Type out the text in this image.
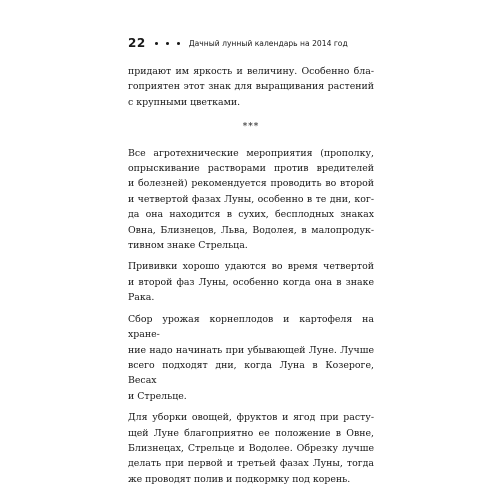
22	Дачный лунный календарь на 2014 год

придают им яркость и величину. Особенно бла-
гоприятен этот знак для выращивания растений
с крупными цветками.

***

Все агротехнические мероприятия (прополку,
опрыскивание растворами против вредителей
и болезней) рекомендуется проводить во второй
и четвертой фазах Луны, особенно в те дни, ког-
да она находится в сухих, бесплодных знаках
Овна, Близнецов, Льва, Водолея, в малопродук-
тивном знаке Стрельца.

Прививки хорошо удаются во время четвертой
и второй фаз Луны, особенно когда она в знаке
Рака.

Сбор урожая корнеплодов и картофеля на хране-
ние надо начинать при убывающей Луне. Лучше
всего подходят дни, когда Луна в Козероге, Весах
и Стрельце.

Для уборки овощей, фруктов и ягод при расту-
щей Луне благоприятно ее положение в Овне,
Близнецах, Стрельце и Водолее. Обрезку лучше
делать при первой и третьей фазах Луны, тогда
же проводят полив и подкормку под корень.
